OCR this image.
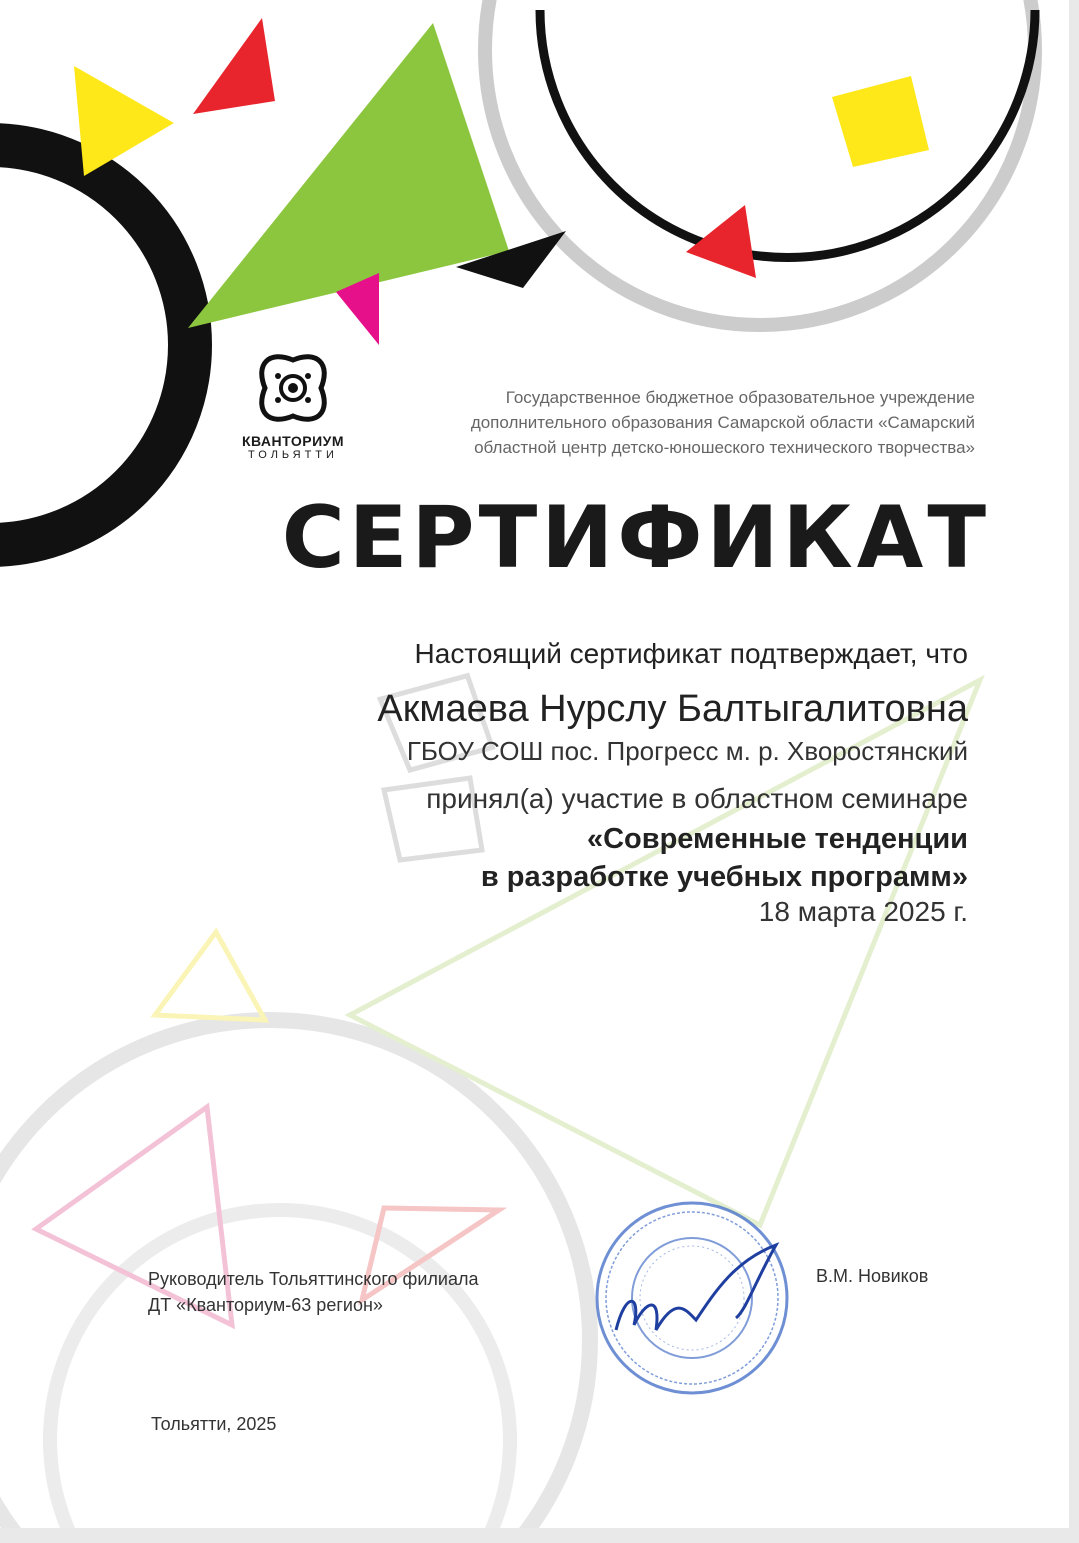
КВАНТОРИУМ
ТОЛЬЯТТИ
Государственное бюджетное образовательное учреждение
дополнительного образования Самарской области «Самарский
областной центр детско-юношеского технического творчества»
СЕРТИФИКАТ
Настоящий сертификат подтверждает, что
Акмаева Нурслу Балтыгалитовна
ГБОУ СОШ пос. Прогресс м. р. Хворостянский
принял(а) участие в областном семинаре
«Современные тенденции
в разработке учебных программ»
18 марта 2025 г.
Руководитель Тольяттинского филиала
ДТ «Кванториум-63 регион»
В.М. Новиков
Тольятти, 2025
